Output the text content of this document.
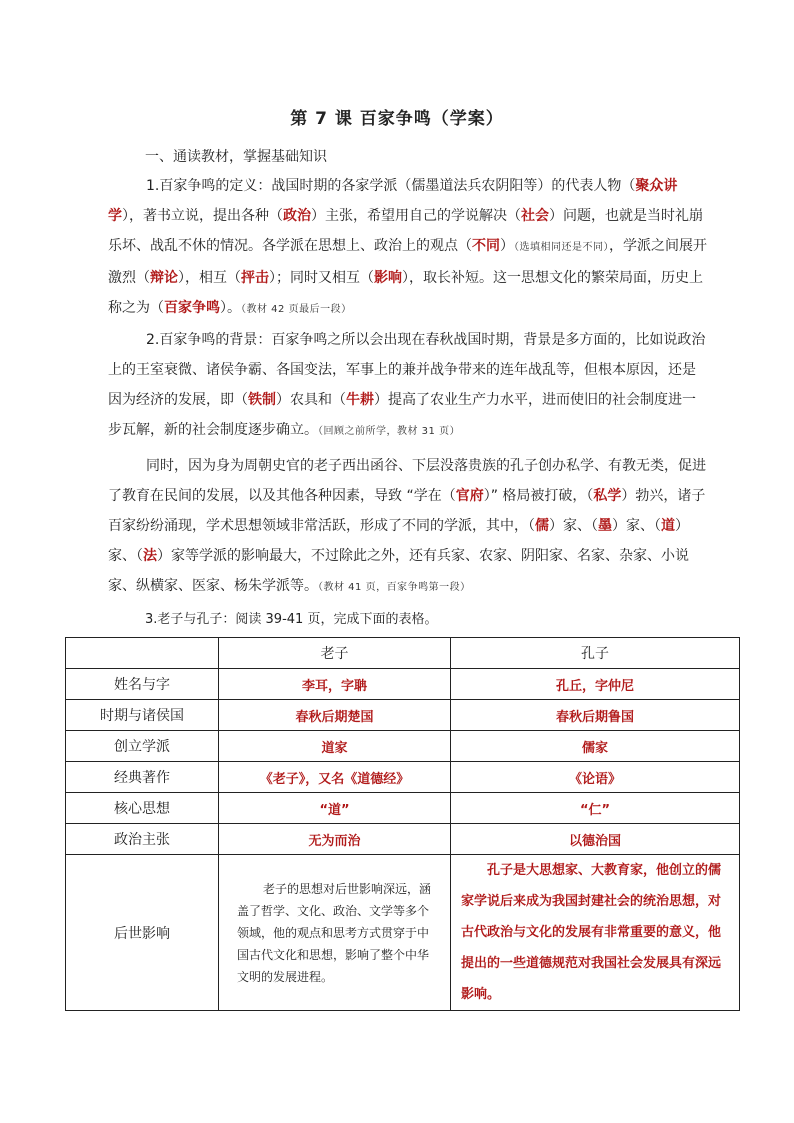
第 7 课 百家争鸣（学案）
一、通读教材，掌握基础知识
1.百家争鸣的定义：战国时期的各家学派（儒墨道法兵农阴阳等）的代表人物（聚众讲学），著书立说，提出各种（政治）主张，希望用自己的学说解决（社会）问题，也就是当时礼崩乐坏、战乱不休的情况。各学派在思想上、政治上的观点（不同）（选填相同还是不同），学派之间展开激烈（辩论），相互（抨击）；同时又相互（影响），取长补短。这一思想文化的繁荣局面，历史上称之为（百家争鸣）。（教材 42 页最后一段）
2.百家争鸣的背景：百家争鸣之所以会出现在春秋战国时期，背景是多方面的，比如说政治上的王室衰微、诸侯争霸、各国变法，军事上的兼并战争带来的连年战乱等，但根本原因，还是因为经济的发展，即（铁制）农具和（牛耕）提高了农业生产力水平，进而使旧的社会制度进一步瓦解，新的社会制度逐步确立。（回顾之前所学，教材 31 页）
同时，因为身为周朝史官的老子西出函谷、下层没落贵族的孔子创办私学、有教无类，促进了教育在民间的发展，以及其他各种因素，导致 “学在（官府）” 格局被打破，（私学）勃兴，诸子百家纷纷涌现，学术思想领域非常活跃，形成了不同的学派，其中，（儒）家、（墨）家、（道）家、（法）家等学派的影响最大，不过除此之外，还有兵家、农家、阴阳家、名家、杂家、小说家、纵横家、医家、杨朱学派等。（教材 41 页，百家争鸣第一段）
3.老子与孔子：阅读 39-41 页，完成下面的表格。
	老子	孔子
姓名与字	李耳，字聃	孔丘，字仲尼
时期与诸侯国	春秋后期楚国	春秋后期鲁国
创立学派	道家	儒家
经典著作	《老子》，又名《道德经》	《论语》
核心思想	“道”	“仁”
政治主张	无为而治	以德治国
后世影响	老子的思想对后世影响深远，涵盖了哲学、文化、政治、文学等多个领域，他的观点和思考方式贯穿于中国古代文化和思想，影响了整个中华文明的发展进程。	孔子是大思想家、大教育家，他创立的儒家学说后来成为我国封建社会的统治思想，对古代政治与文化的发展有非常重要的意义，他提出的一些道德规范对我国社会发展具有深远影响。
